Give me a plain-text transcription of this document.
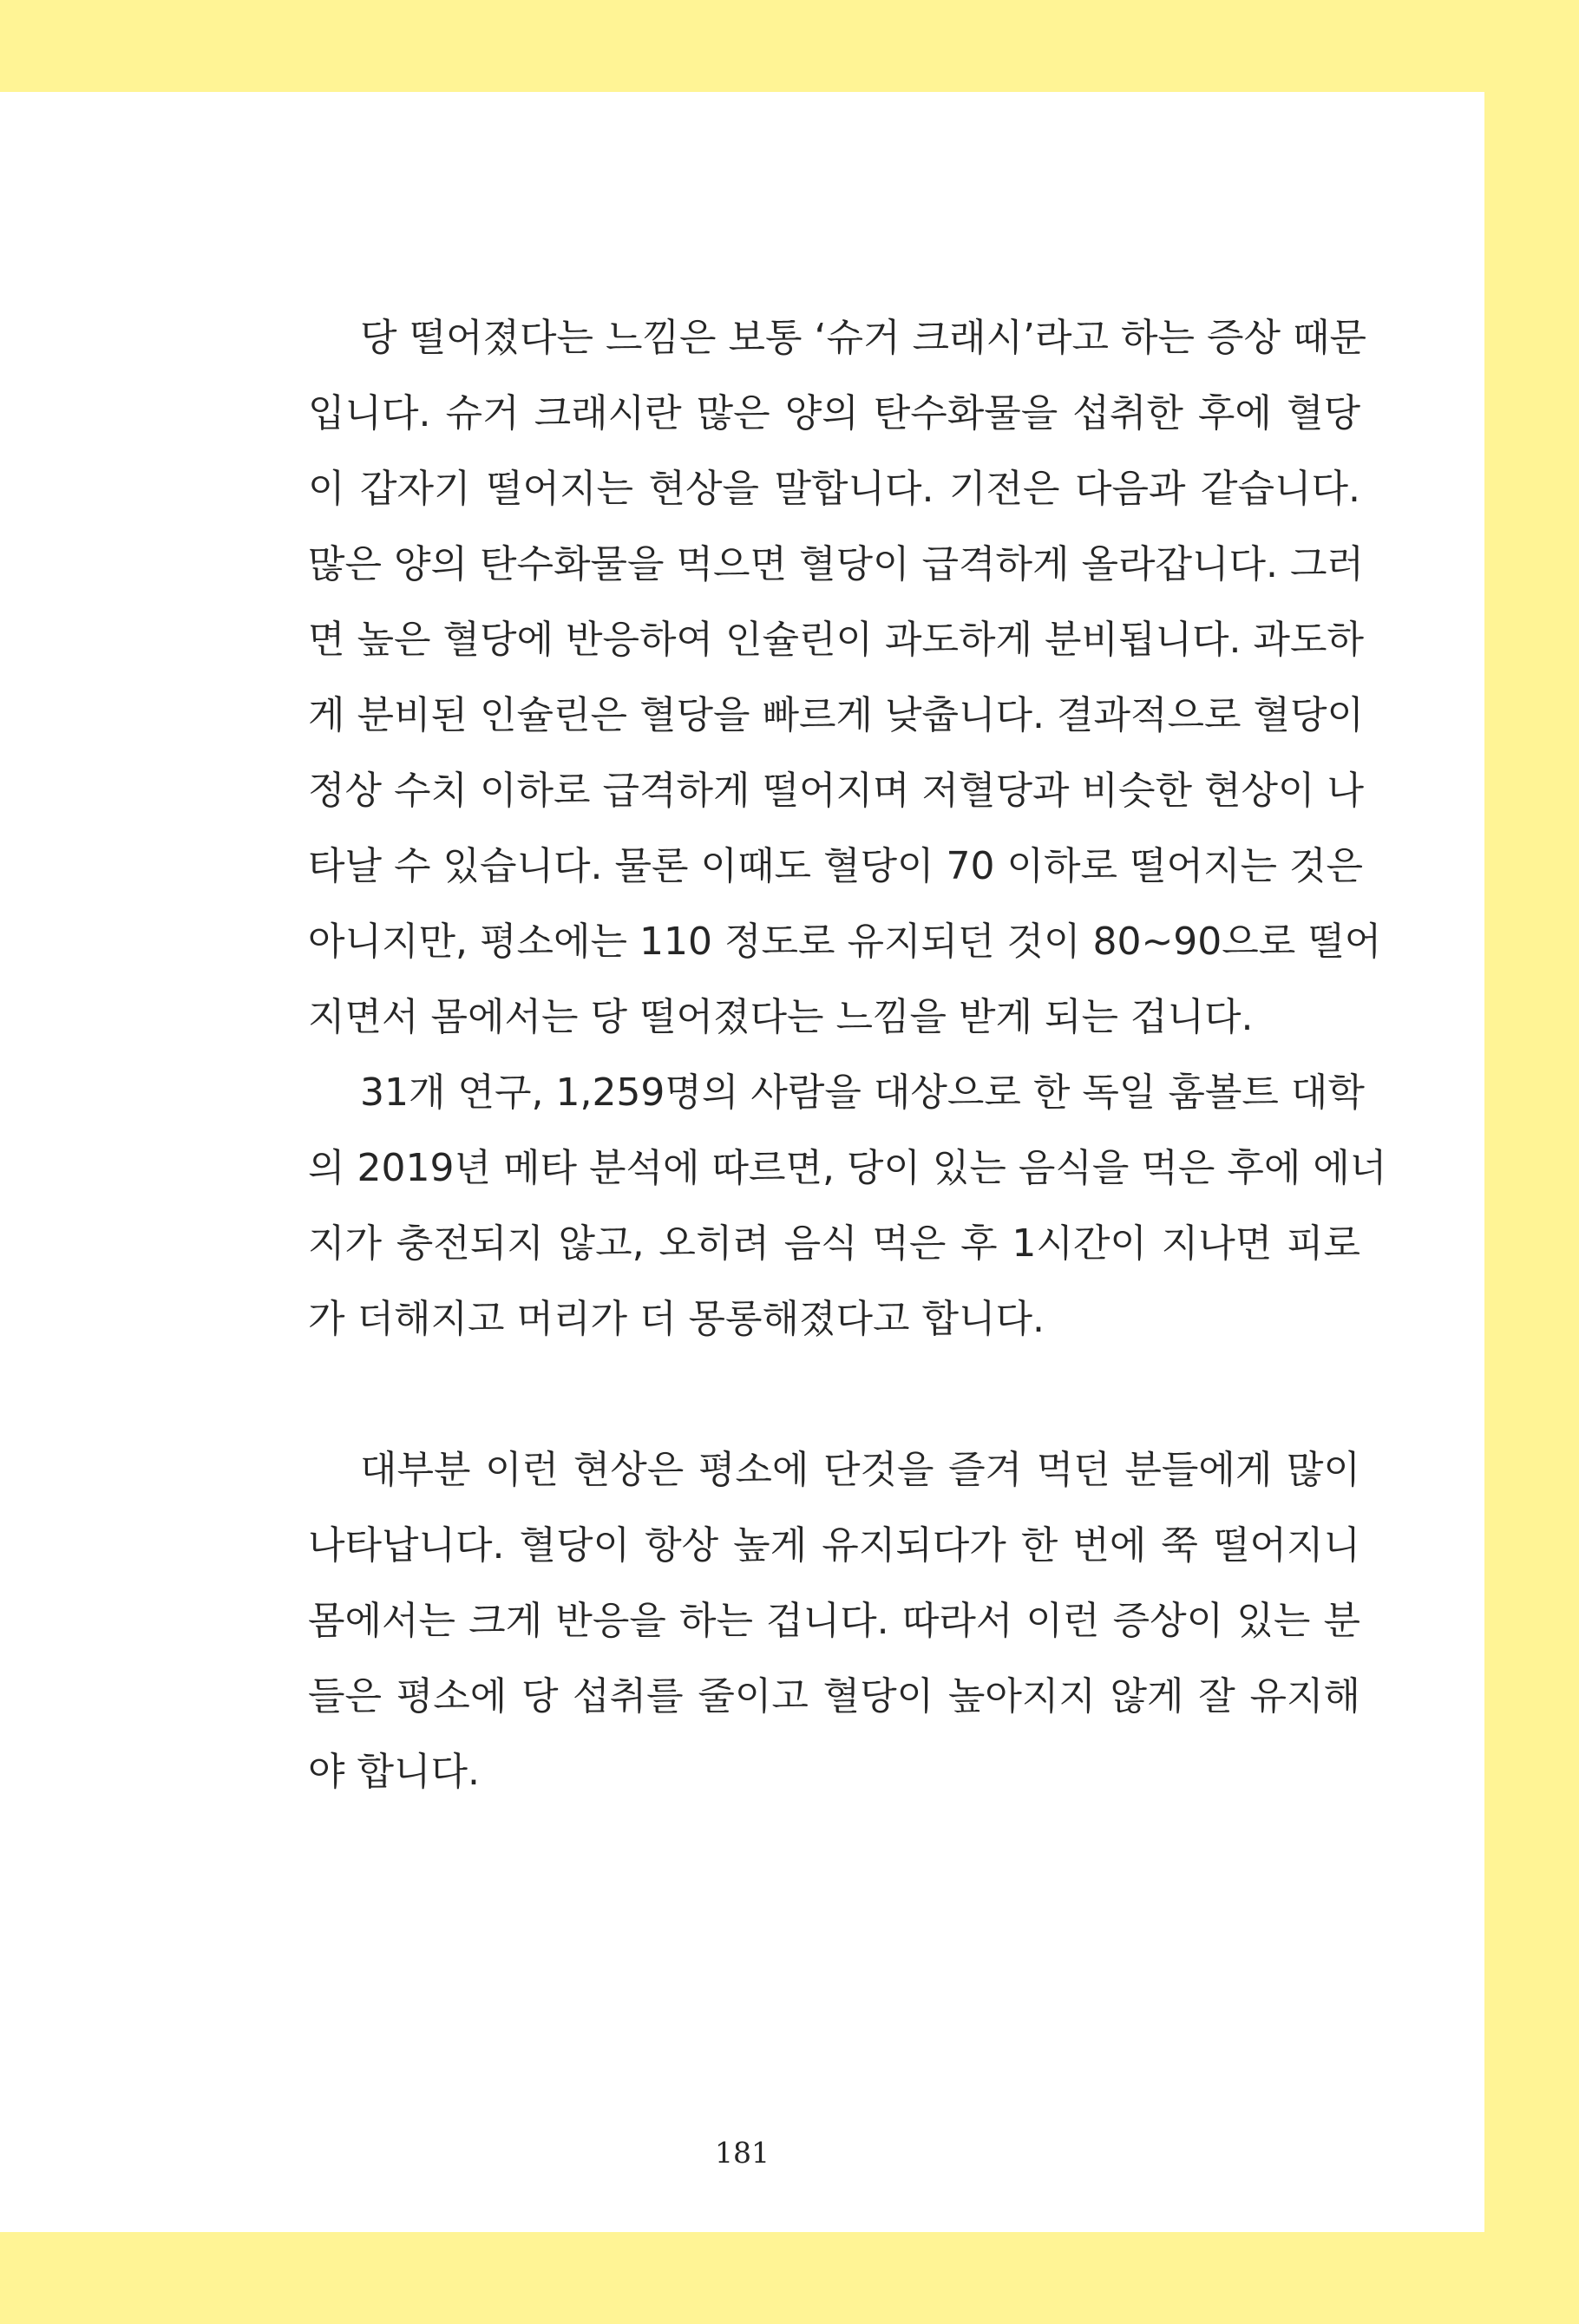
당 떨어졌다는 느낌은 보통 ‘슈거 크래시’라고 하는 증상 때문
입니다. 슈거 크래시란 많은 양의 탄수화물을 섭취한 후에 혈당
이 갑자기 떨어지는 현상을 말합니다. 기전은 다음과 같습니다.
많은 양의 탄수화물을 먹으면 혈당이 급격하게 올라갑니다. 그러
면 높은 혈당에 반응하여 인슐린이 과도하게 분비됩니다. 과도하
게 분비된 인슐린은 혈당을 빠르게 낮춥니다. 결과적으로 혈당이
정상 수치 이하로 급격하게 떨어지며 저혈당과 비슷한 현상이 나
타날 수 있습니다. 물론 이때도 혈당이 70 이하로 떨어지는 것은
아니지만, 평소에는 110 정도로 유지되던 것이 80~90으로 떨어
지면서 몸에서는 당 떨어졌다는 느낌을 받게 되는 겁니다.

31개 연구, 1,259명의 사람을 대상으로 한 독일 훔볼트 대학
의 2019년 메타 분석에 따르면, 당이 있는 음식을 먹은 후에 에너
지가 충전되지 않고, 오히려 음식 먹은 후 1시간이 지나면 피로
가 더해지고 머리가 더 몽롱해졌다고 합니다.

대부분 이런 현상은 평소에 단것을 즐겨 먹던 분들에게 많이
나타납니다. 혈당이 항상 높게 유지되다가 한 번에 쭉 떨어지니
몸에서는 크게 반응을 하는 겁니다. 따라서 이런 증상이 있는 분
들은 평소에 당 섭취를 줄이고 혈당이 높아지지 않게 잘 유지해
야 합니다.

181
